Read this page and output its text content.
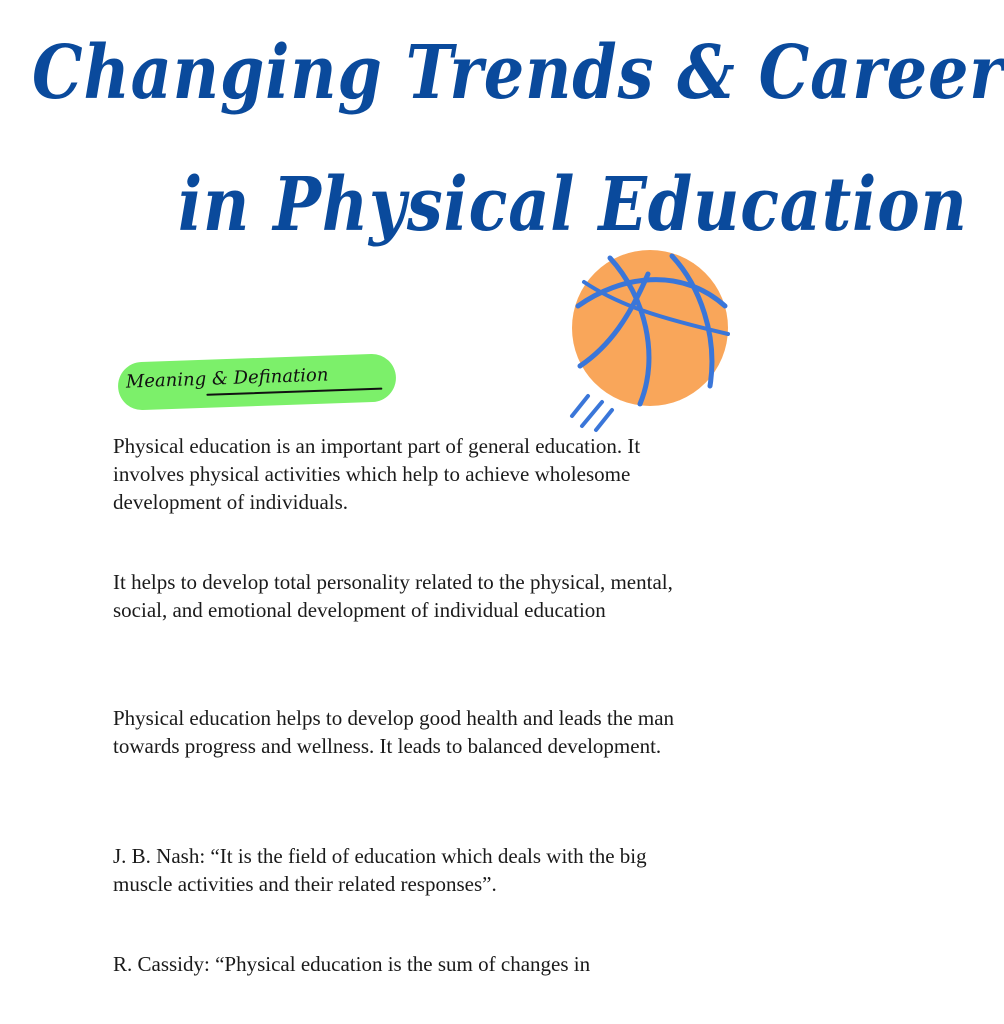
Changing Trends & Career
in Physical Education
Meaning & Defination

Physical education is an important part of general education. It involves physical activities which help to achieve wholesome development of individuals.

It helps to develop total personality related to the physical, mental, social, and emotional development of individual education

Physical education helps to develop good health and leads the man towards progress and wellness. It leads to balanced development.

J. B. Nash: “It is the field of education which deals with the big muscle activities and their related responses”.

R. Cassidy: “Physical education is the sum of changes in
